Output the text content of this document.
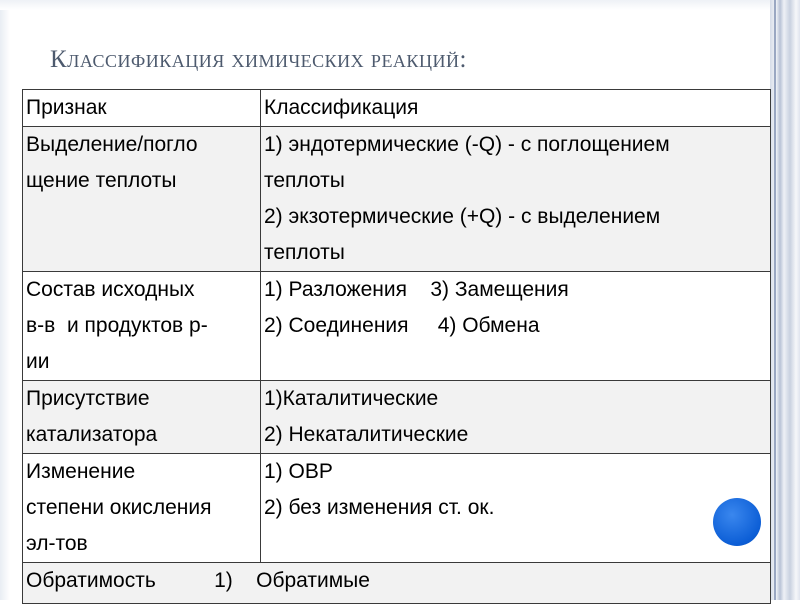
Классификация химических реакций:
Признак	Классификация

Выделение/погло
щение теплоты	1) эндотермические (-Q) - с поглощением
теплоты
2) экзотермические (+Q) - с выделением
теплоты

Состав исходных
в-в  и продуктов р-
ии	1) Разложения    3) Замещения
2) Соединения     4) Обмена

Присутствие
катализатора	1)Каталитические
2) Некаталитические

Изменение
степени окисления
эл-тов	1) ОВР
2) без изменения ст. ок.

Обратимость          1)    Обратимые	
